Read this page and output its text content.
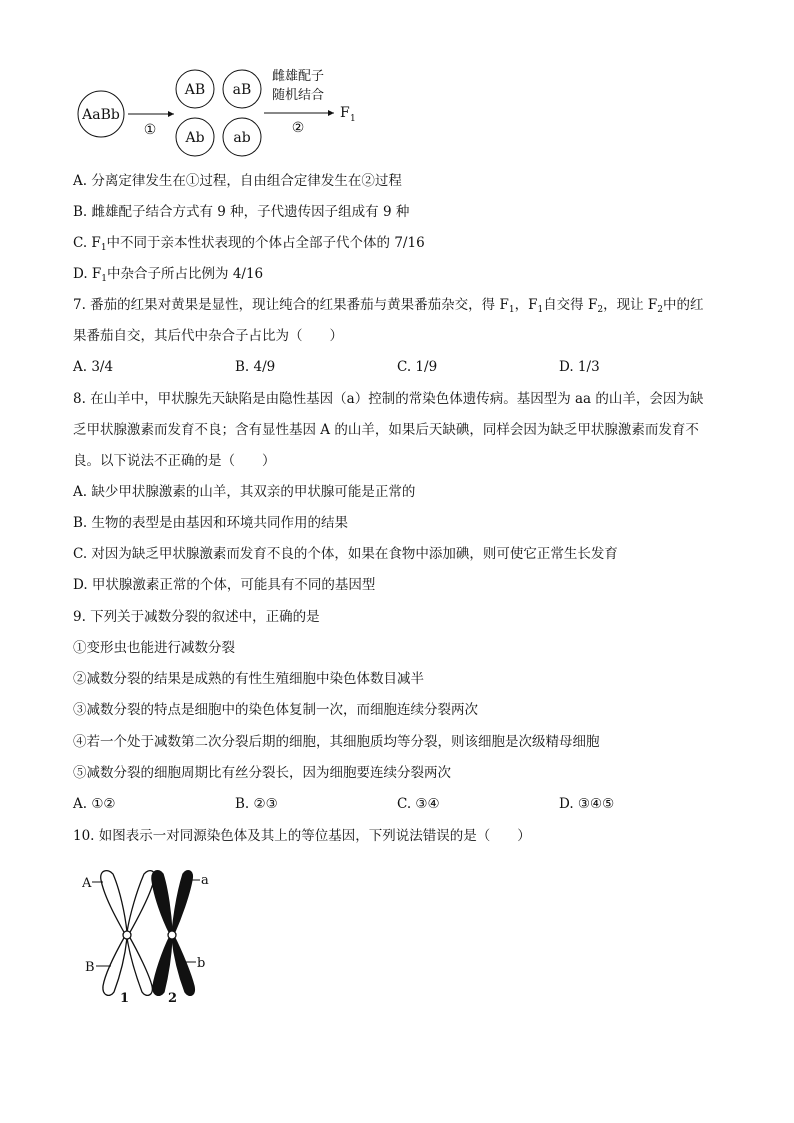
AaBb
①
AB aB
Ab ab
雌雄配子
随机结合
②
F 1
A. 分离定律发生在①过程，自由组合定律发生在②过程
B. 雌雄配子结合方式有 9 种，子代遗传因子组成有 9 种
C. $F_1$中不同于亲本性状表现的个体占全部子代个体的 7/16
D. $F_1$中杂合子所占比例为 4/16
7. 番茄的红果对黄果是显性，现让纯合的红果番茄与黄果番茄杂交，得 $F_1$，$F_1$自交得 $F_2$，现让 $F_2$中的红
果番茄自交，其后代中杂合子占比为（　　）
A. 3/4	B. 4/9	C. 1/9	D. 1/3
8. 在山羊中，甲状腺先天缺陷是由隐性基因（a）控制的常染色体遗传病。基因型为 aa 的山羊，会因为缺
乏甲状腺激素而发育不良；含有显性基因 A 的山羊，如果后天缺碘，同样会因为缺乏甲状腺激素而发育不
良。以下说法不正确的是（　　）
A. 缺少甲状腺激素的山羊，其双亲的甲状腺可能是正常的
B. 生物的表型是由基因和环境共同作用的结果
C. 对因为缺乏甲状腺激素而发育不良的个体，如果在食物中添加碘，则可使它正常生长发育
D. 甲状腺激素正常的个体，可能具有不同的基因型
9. 下列关于减数分裂的叙述中，正确的是
①变形虫也能进行减数分裂
②减数分裂的结果是成熟的有性生殖细胞中染色体数目减半
③减数分裂的特点是细胞中的染色体复制一次，而细胞连续分裂两次
④若一个处于减数第二次分裂后期的细胞，其细胞质均等分裂，则该细胞是次级精母细胞
⑤减数分裂的细胞周期比有丝分裂长，因为细胞要连续分裂两次
A. ①②	B. ②③	C. ③④	D. ③④⑤
10. 如图表示一对同源染色体及其上的等位基因，下列说法错误的是（　　）
A	a
B	b
1	2
